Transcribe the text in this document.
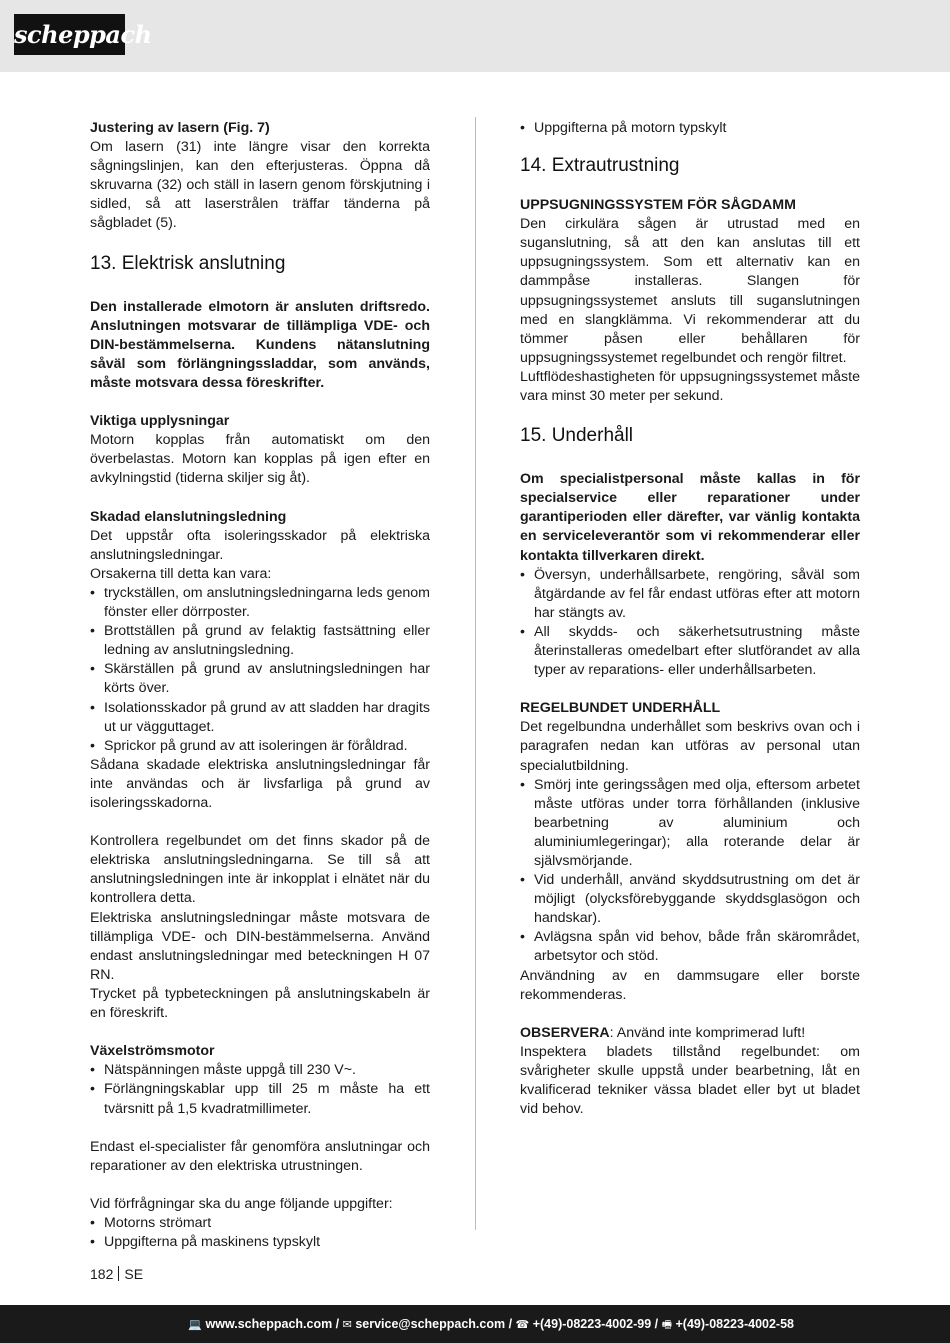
scheppach

Justering av lasern (Fig. 7)

Om lasern (31) inte längre visar den korrekta sågningslinjen, kan den efterjusteras. Öppna då skruvarna (32) och ställ in lasern genom förskjutning i sidled, så att laserstrålen träffar tänderna på sågbladet (5).

13. Elektrisk anslutning

Den installerade elmotorn är ansluten driftsredo. Anslutningen motsvarar de tillämpliga VDE- och DIN-bestämmelserna. Kundens nätanslutning såväl som förlängningssladdar, som används, måste motsvara dessa föreskrifter.

Viktiga upplysningar

Motorn kopplas från automatiskt om den överbelastas. Motorn kan kopplas på igen efter en avkylningstid (tiderna skiljer sig åt).

Skadad elanslutningsledning

Det uppstår ofta isoleringsskador på elektriska anslutningsledningar.

Orsakerna till detta kan vara:

• tryckställen, om anslutningsledningarna leds genom fönster eller dörrposter.
• Brottställen på grund av felaktig fastsättning eller ledning av anslutningsledning.
• Skärställen på grund av anslutningsledningen har körts över.
• Isolationsskador på grund av att sladden har dragits ut ur vägguttaget.
• Sprickor på grund av att isoleringen är föråldrad.

Sådana skadade elektriska anslutningsledningar får inte användas och är livsfarliga på grund av isoleringsskadorna.

Kontrollera regelbundet om det finns skador på de elektriska anslutningsledningarna. Se till så att anslutningsledningen inte är inkopplat i elnätet när du kontrollera detta.

Elektriska anslutningsledningar måste motsvara de tillämpliga VDE- och DIN-bestämmelserna. Använd endast anslutningsledningar med beteckningen H 07 RN.

Trycket på typbeteckningen på anslutningskabeln är en föreskrift.

Växelströmsmotor

• Nätspänningen måste uppgå till 230 V~.
• Förlängningskablar upp till 25 m måste ha ett tvärsnitt på 1,5 kvadratmillimeter.

Endast el-specialister får genomföra anslutningar och reparationer av den elektriska utrustningen.

Vid förfrågningar ska du ange följande uppgifter:

• Motorns strömart
• Uppgifterna på maskinens typskylt
• Uppgifterna på motorn typskylt
14. Extrautrustning

UPPSUGNINGSSYSTEM FÖR SÅGDAMM

Den cirkulära sågen är utrustad med en suganslutning, så att den kan anslutas till ett uppsugningssystem. Som ett alternativ kan en dammpåse installeras. Slangen för uppsugningssystemet ansluts till suganslutningen med en slangklämma. Vi rekommenderar att du tömmer påsen eller behållaren för uppsugningssystemet regelbundet och rengör filtret.

Luftflödeshastigheten för uppsugningssystemet måste vara minst 30 meter per sekund.

15. Underhåll

Om specialistpersonal måste kallas in för specialservice eller reparationer under garantiperioden eller därefter, var vänlig kontakta en serviceleverantör som vi rekommenderar eller kontakta tillverkaren direkt.

• Översyn, underhållsarbete, rengöring, såväl som åtgärdande av fel får endast utföras efter att motorn har stängts av.
• All skydds- och säkerhetsutrustning måste återinstalleras omedelbart efter slutförandet av alla typer av reparations- eller underhållsarbeten.

REGELBUNDET UNDERHÅLL

Det regelbundna underhållet som beskrivs ovan och i paragrafen nedan kan utföras av personal utan specialutbildning.

• Smörj inte geringssågen med olja, eftersom arbetet måste utföras under torra förhållanden (inklusive bearbetning av aluminium och aluminiumlegeringar); alla roterande delar är självsmörjande.
• Vid underhåll, använd skyddsutrustning om det är möjligt (olycksförebyggande skyddsglasögon och handskar).
• Avlägsna spån vid behov, både från skärområdet, arbetsytor och stöd.

Användning av en dammsugare eller borste rekommenderas.

OBSERVERA: Använd inte komprimerad luft!

Inspektera bladets tillstånd regelbundet: om svårigheter skulle uppstå under bearbetning, låt en kvalificerad tekniker vässa bladet eller byt ut bladet vid behov.

182 SE
💻 www.scheppach.com / ✉ service@scheppach.com / ☎ +(49)-08223-4002-99 / 🖷 +(49)-08223-4002-58
